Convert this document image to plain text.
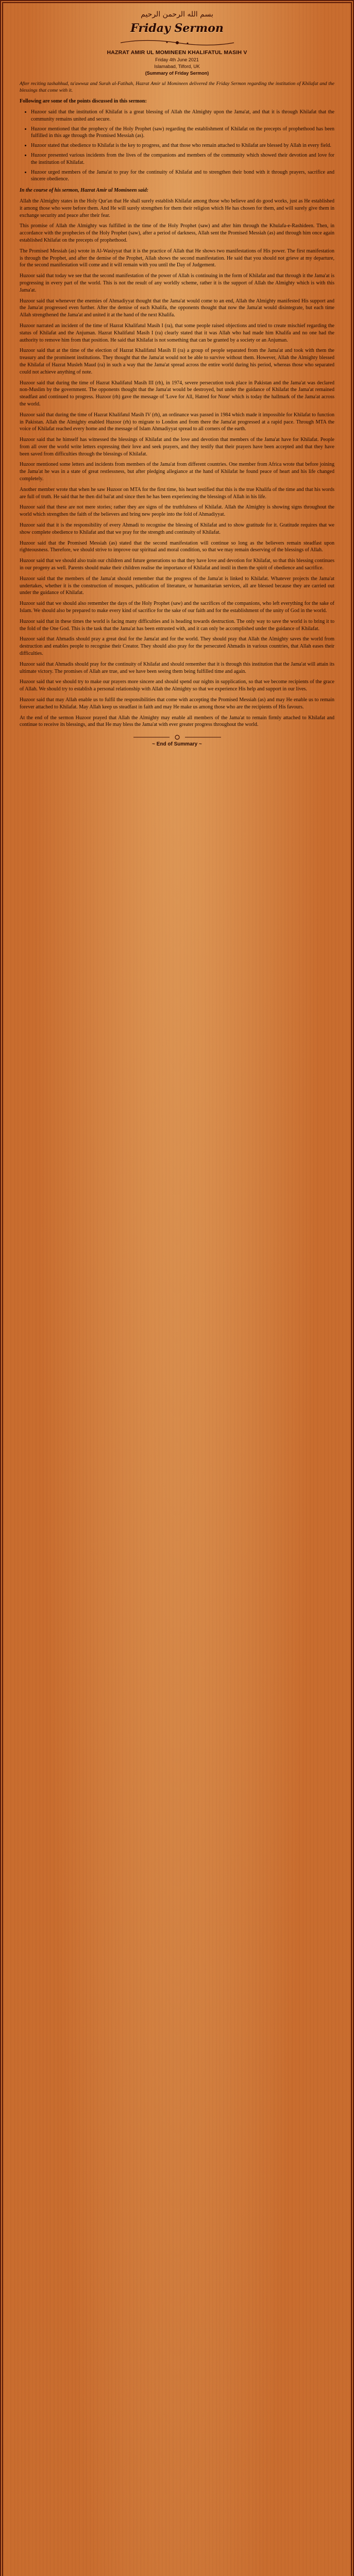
بسم الله الرحمن الرحيم

Friday Sermon

HAZRAT AMIR UL MOMINEEN KHALIFATUL MASIH V

Friday 4th June 2021

Islamabad, Tilford, UK

(Summary of Friday Sermon)

After reciting tashahhud, ta'awwuz and Surah al-Fatihah, Hazrat Amir ul Momineen delivered the Friday Sermon regarding the institution of Khilafat and the blessings that come with it.

Following are some of the points discussed in this sermon:

• Huzoor said that the institution of Khilafat is a great blessing of Allah the Almighty upon the Jama'at, and that it is through Khilafat that the community remains united and secure.
• Huzoor mentioned that the prophecy of the Holy Prophet (saw) regarding the establishment of Khilafat on the precepts of prophethood has been fulfilled in this age through the Promised Messiah (as).
• Huzoor stated that obedience to Khilafat is the key to progress, and that those who remain attached to Khilafat are blessed by Allah in every field.
• Huzoor presented various incidents from the lives of the companions and members of the community which showed their devotion and love for the institution of Khilafat.
• Huzoor urged members of the Jama'at to pray for the continuity of Khilafat and to strengthen their bond with it through prayers, sacrifice and sincere obedience.

In the course of his sermon, Hazrat Amir ul Momineen said:

Allah the Almighty states in the Holy Qur'an that He shall surely establish Khilafat among those who believe and do good works, just as He established it among those who were before them. And He will surely strengthen for them their religion which He has chosen for them, and will surely give them in exchange security and peace after their fear.

This promise of Allah the Almighty was fulfilled in the time of the Holy Prophet (saw) and after him through the Khulafa-e-Rashideen. Then, in accordance with the prophecies of the Holy Prophet (saw), after a period of darkness, Allah sent the Promised Messiah (as) and through him once again established Khilafat on the precepts of prophethood.

The Promised Messiah (as) wrote in Al-Wasiyyat that it is the practice of Allah that He shows two manifestations of His power. The first manifestation is through the Prophet, and after the demise of the Prophet, Allah shows the second manifestation. He said that you should not grieve at my departure, for the second manifestation will come and it will remain with you until the Day of Judgement.

Huzoor said that today we see that the second manifestation of the power of Allah is continuing in the form of Khilafat and that through it the Jama'at is progressing in every part of the world. This is not the result of any worldly scheme, rather it is the support of Allah the Almighty which is with this Jama'at.

Huzoor said that whenever the enemies of Ahmadiyyat thought that the Jama'at would come to an end, Allah the Almighty manifested His support and the Jama'at progressed even further. After the demise of each Khalifa, the opponents thought that now the Jama'at would disintegrate, but each time Allah strengthened the Jama'at and united it at the hand of the next Khalifa.

Huzoor narrated an incident of the time of Hazrat Khalifatul Masih I (ra), that some people raised objections and tried to create mischief regarding the status of Khilafat and the Anjuman. Hazrat Khalifatul Masih I (ra) clearly stated that it was Allah who had made him Khalifa and no one had the authority to remove him from that position. He said that Khilafat is not something that can be granted by a society or an Anjuman.

Huzoor said that at the time of the election of Hazrat Khalifatul Masih II (ra) a group of people separated from the Jama'at and took with them the treasury and the prominent institutions. They thought that the Jama'at would not be able to survive without them. However, Allah the Almighty blessed the Khilafat of Hazrat Musleh Maud (ra) in such a way that the Jama'at spread across the entire world during his period, whereas those who separated could not achieve anything of note.

Huzoor said that during the time of Hazrat Khalifatul Masih III (rh), in 1974, severe persecution took place in Pakistan and the Jama'at was declared non-Muslim by the government. The opponents thought that the Jama'at would be destroyed, but under the guidance of Khilafat the Jama'at remained steadfast and continued to progress. Huzoor (rh) gave the message of 'Love for All, Hatred for None' which is today the hallmark of the Jama'at across the world.

Huzoor said that during the time of Hazrat Khalifatul Masih IV (rh), an ordinance was passed in 1984 which made it impossible for Khilafat to function in Pakistan. Allah the Almighty enabled Huzoor (rh) to migrate to London and from there the Jama'at progressed at a rapid pace. Through MTA the voice of Khilafat reached every home and the message of Islam Ahmadiyyat spread to all corners of the earth.

Huzoor said that he himself has witnessed the blessings of Khilafat and the love and devotion that members of the Jama'at have for Khilafat. People from all over the world write letters expressing their love and seek prayers, and they testify that their prayers have been accepted and that they have been saved from difficulties through the blessings of Khilafat.

Huzoor mentioned some letters and incidents from members of the Jama'at from different countries. One member from Africa wrote that before joining the Jama'at he was in a state of great restlessness, but after pledging allegiance at the hand of Khilafat he found peace of heart and his life changed completely.

Another member wrote that when he saw Huzoor on MTA for the first time, his heart testified that this is the true Khalifa of the time and that his words are full of truth. He said that he then did bai'at and since then he has been experiencing the blessings of Allah in his life.

Huzoor said that these are not mere stories; rather they are signs of the truthfulness of Khilafat. Allah the Almighty is showing signs throughout the world which strengthen the faith of the believers and bring new people into the fold of Ahmadiyyat.

Huzoor said that it is the responsibility of every Ahmadi to recognise the blessing of Khilafat and to show gratitude for it. Gratitude requires that we show complete obedience to Khilafat and that we pray for the strength and continuity of Khilafat.

Huzoor said that the Promised Messiah (as) stated that the second manifestation will continue so long as the believers remain steadfast upon righteousness. Therefore, we should strive to improve our spiritual and moral condition, so that we may remain deserving of the blessings of Allah.

Huzoor said that we should also train our children and future generations so that they have love and devotion for Khilafat, so that this blessing continues in our progeny as well. Parents should make their children realise the importance of Khilafat and instil in them the spirit of obedience and sacrifice.

Huzoor said that the members of the Jama'at should remember that the progress of the Jama'at is linked to Khilafat. Whatever projects the Jama'at undertakes, whether it is the construction of mosques, publication of literature, or humanitarian services, all are blessed because they are carried out under the guidance of Khilafat.

Huzoor said that we should also remember the days of the Holy Prophet (saw) and the sacrifices of the companions, who left everything for the sake of Islam. We should also be prepared to make every kind of sacrifice for the sake of our faith and for the establishment of the unity of God in the world.

Huzoor said that in these times the world is facing many difficulties and is heading towards destruction. The only way to save the world is to bring it to the fold of the One God. This is the task that the Jama'at has been entrusted with, and it can only be accomplished under the guidance of Khilafat.

Huzoor said that Ahmadis should pray a great deal for the Jama'at and for the world. They should pray that Allah the Almighty saves the world from destruction and enables people to recognise their Creator. They should also pray for the persecuted Ahmadis in various countries, that Allah eases their difficulties.

Huzoor said that Ahmadis should pray for the continuity of Khilafat and should remember that it is through this institution that the Jama'at will attain its ultimate victory. The promises of Allah are true, and we have been seeing them being fulfilled time and again.

Huzoor said that we should try to make our prayers more sincere and should spend our nights in supplication, so that we become recipients of the grace of Allah. We should try to establish a personal relationship with Allah the Almighty so that we experience His help and support in our lives.

Huzoor said that may Allah enable us to fulfil the responsibilities that come with accepting the Promised Messiah (as) and may He enable us to remain forever attached to Khilafat. May Allah keep us steadfast in faith and may He make us among those who are the recipients of His favours.

At the end of the sermon Huzoor prayed that Allah the Almighty may enable all members of the Jama'at to remain firmly attached to Khilafat and continue to receive its blessings, and that He may bless the Jama'at with ever greater progress throughout the world.

~ End of Summary ~
